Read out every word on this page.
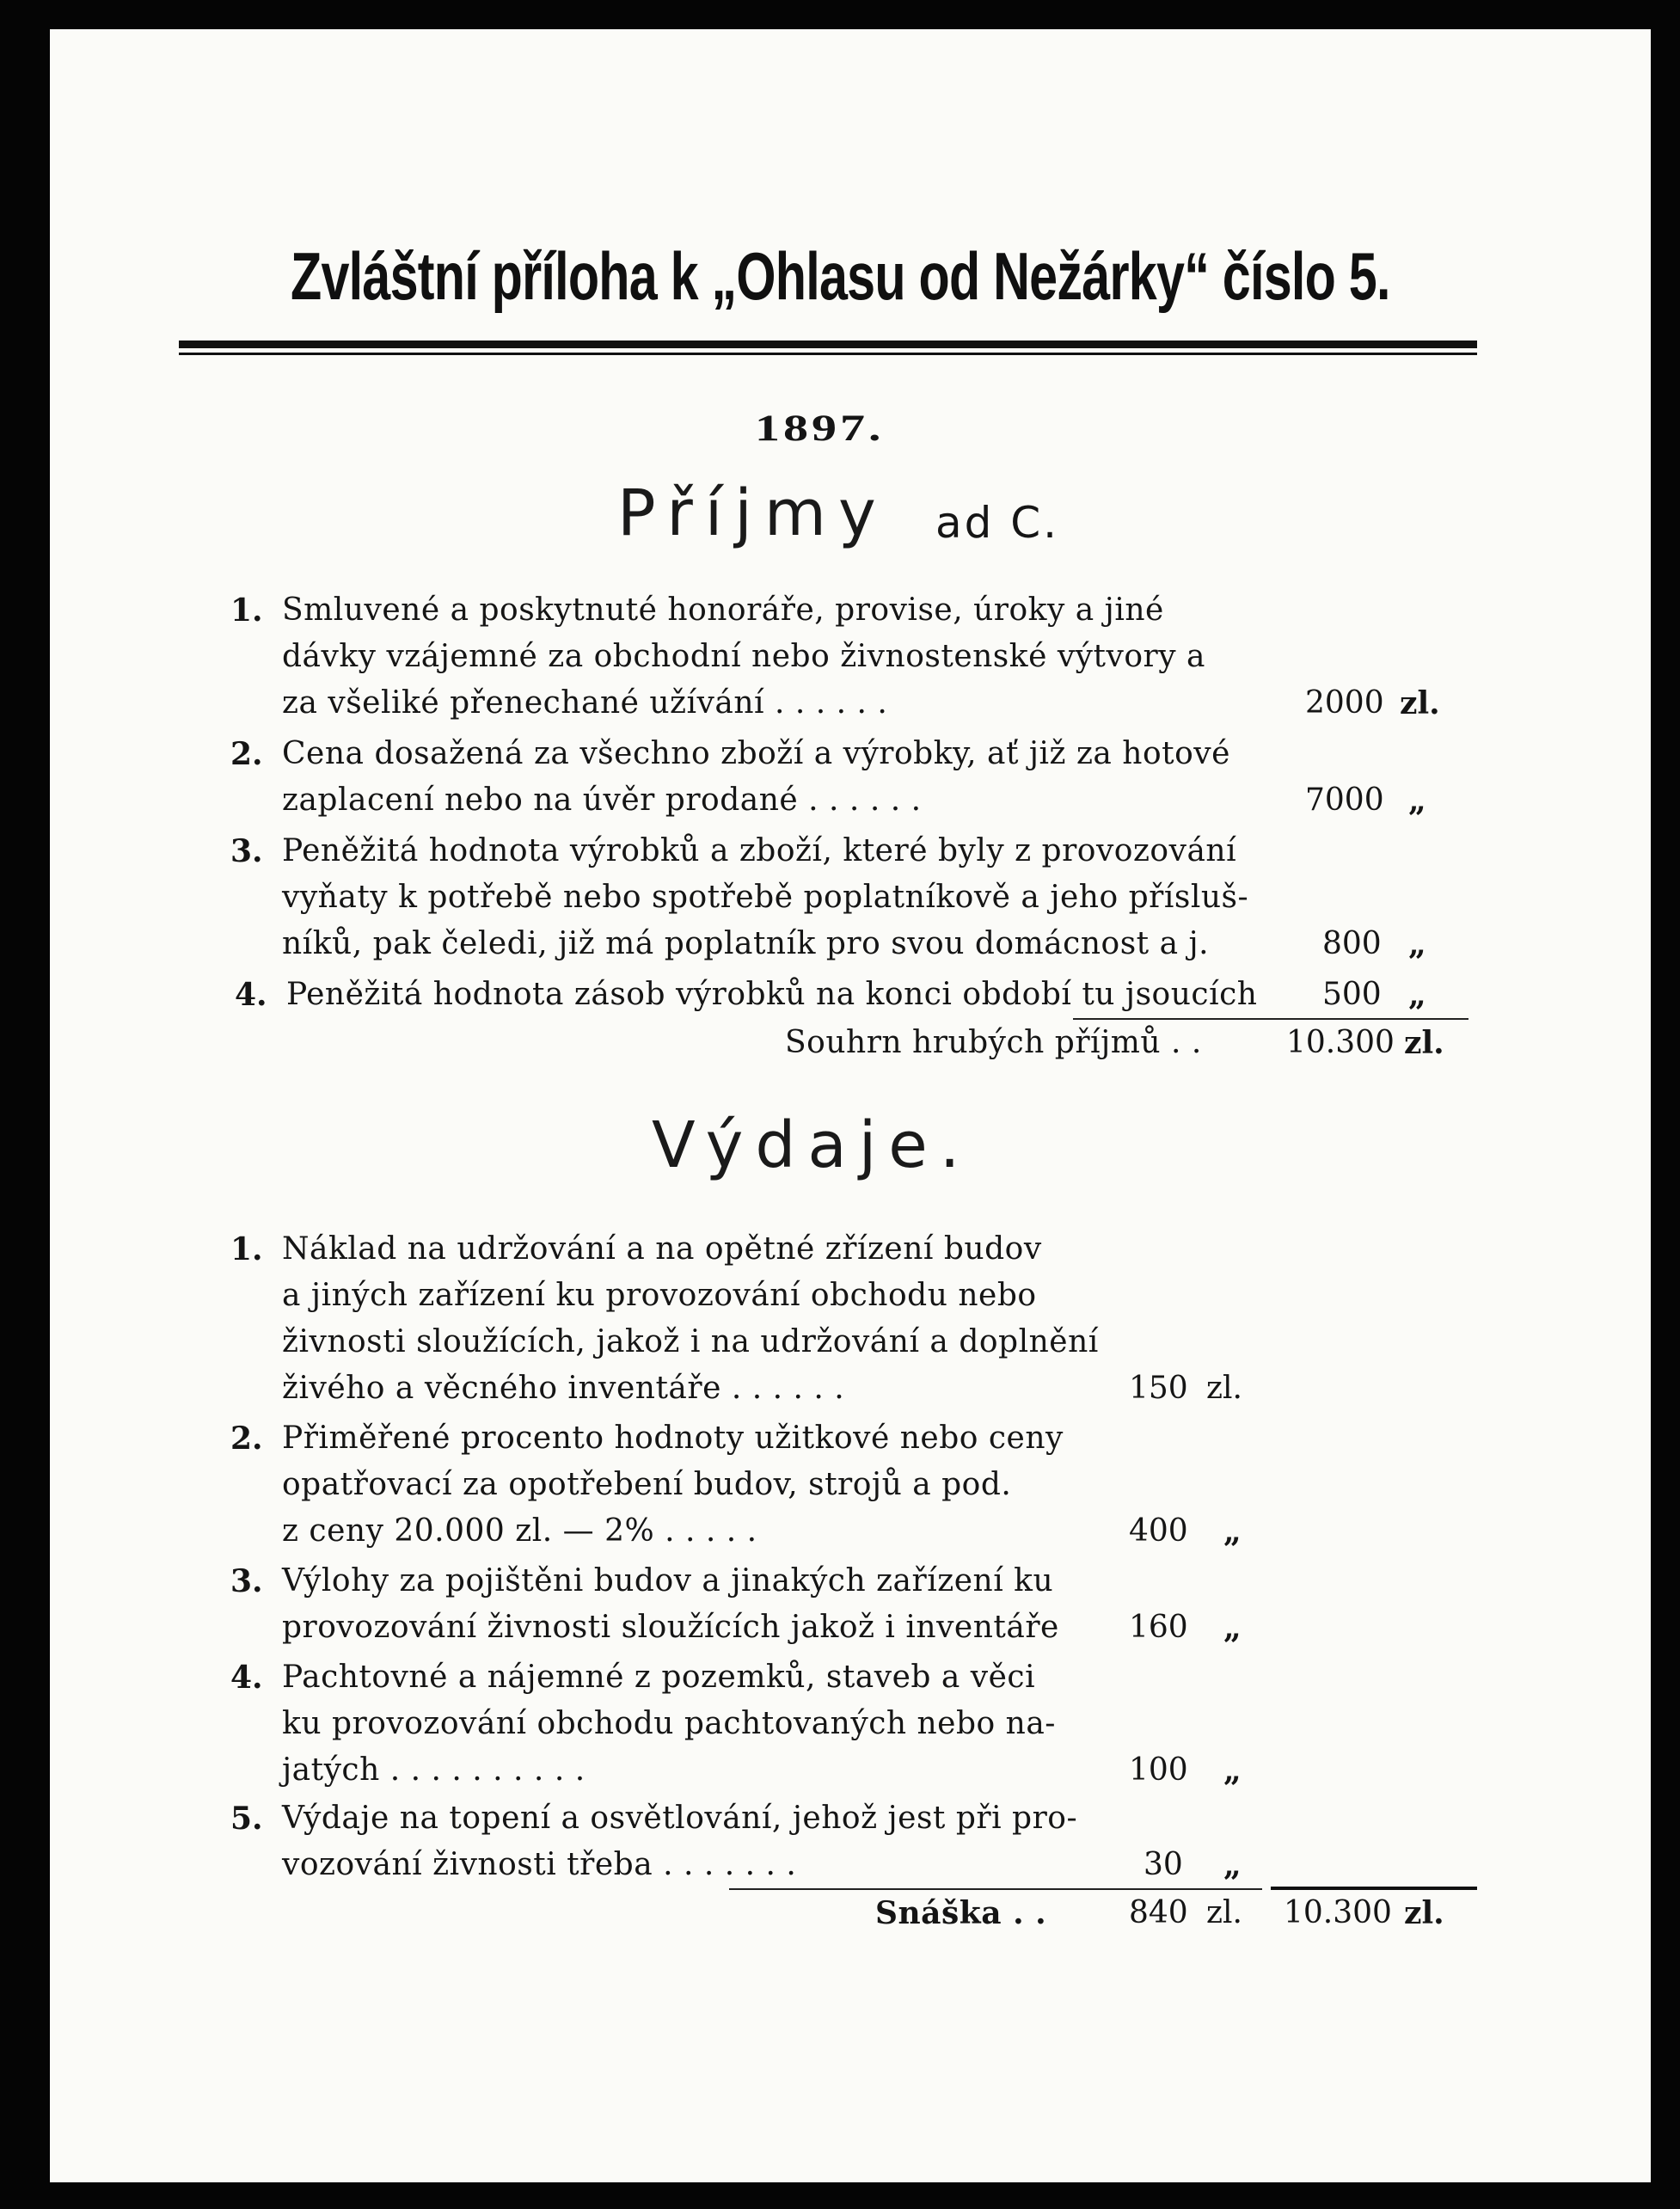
Zvláštní příloha k „Ohlasu od Nežárky“ číslo 5.
1897.
Příjmy ad C.
1. Smluvené a poskytnuté honoráře, provise, úroky a jiné
dávky vzájemné za obchodní nebo živnostenské výtvory a
za všeliké přenechané užívání . . . . . .	2000 zl.
2. Cena dosažená za všechno zboží a výrobky, ať již za hotové
zaplacení nebo na úvěr prodané . . . . . .	7000 „
3. Peněžitá hodnota výrobků a zboží, které byly z provozování
vyňaty k potřebě nebo spotřebě poplatníkově a jeho přísluš-
níků, pak čeledi, již má poplatník pro svou domácnost a j.	800 „
4. Peněžitá hodnota zásob výrobků na konci období tu jsoucích 500 „
Souhrn hrubých příjmů . .	10.300 zl.
Výdaje.
1. Náklad na udržování a na opětné zřízení budov
a jiných zařízení ku provozování obchodu nebo
živnosti sloužících, jakož i na udržování a doplnění
živého a věcného inventáře . . . . . .	150 zl.
2. Přiměřené procento hodnoty užitkové nebo ceny
opatřovací za opotřebení budov, strojů a pod.
z ceny 20.000 zl. — 2% . . . . .	400 „
3. Výlohy za pojištěni budov a jinakých zařízení ku
provozování živnosti sloužících jakož i inventáře 160 „
4. Pachtovné a nájemné z pozemků, staveb a věci
ku provozování obchodu pachtovaných nebo na-
jatých . . . . . . . . . .	100 „
5. Výdaje na topení a osvětlování, jehož jest při pro-
vozování živnosti třeba . . . . . . .	30 „
Snáška . .	840 zl. 10.300 zl.
